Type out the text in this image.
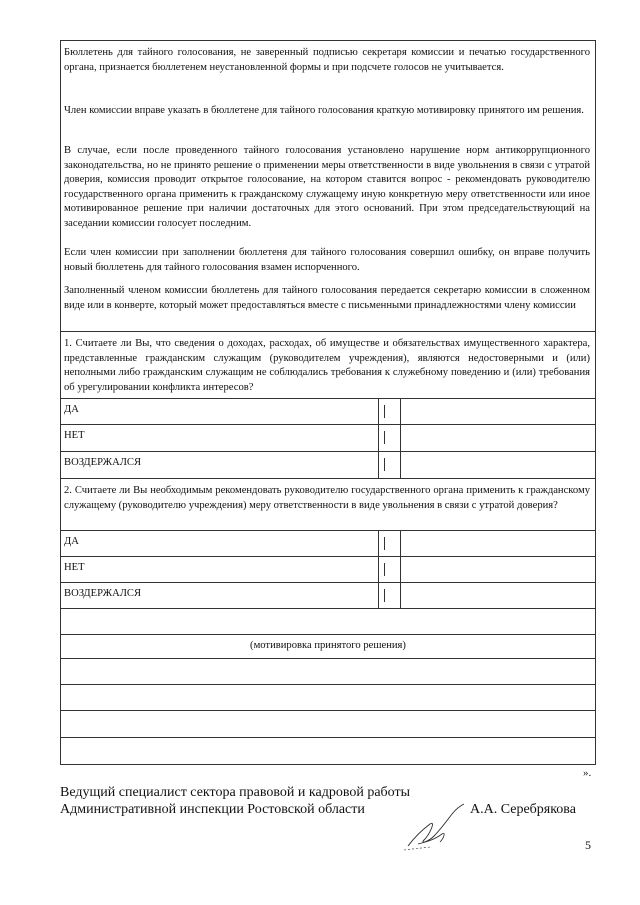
Бюллетень для тайного голосования, не заверенный подписью секретаря комиссии и печатью государственного органа, признается бюллетенем неустановленной формы и при подсчете голосов не учитывается.

Член комиссии вправе указать в бюллетене для тайного голосования краткую мотивировку принятого им решения.

В случае, если после проведенного тайного голосования установлено нарушение норм антикоррупционного законодательства, но не принято решение о применении меры ответственности в виде увольнения в связи с утратой доверия, комиссия проводит открытое голосование, на котором ставится вопрос - рекомендовать руководителю государственного органа применить к гражданскому служащему иную конкретную меру ответственности или иное мотивированное решение при наличии достаточных для этого оснований. При этом председательствующий на заседании комиссии голосует последним.

Если член комиссии при заполнении бюллетеня для тайного голосования совершил ошибку, он вправе получить новый бюллетень для тайного голосования взамен испорченного.

Заполненный членом комиссии бюллетень для тайного голосования передается секретарю комиссии в сложенном виде или в конверте, который может предоставляться вместе с письменными принадлежностями члену комиссии

1. Считаете ли Вы, что сведения о доходах, расходах, об имуществе и обязательствах имущественного характера, представленные гражданским служащим (руководителем учреждения), являются недостоверными и (или) неполными либо гражданским служащим не соблюдались требования к служебному поведению и (или) требования об урегулировании конфликта интересов?

ДА
НЕТ
ВОЗДЕРЖАЛСЯ

2. Считаете ли Вы необходимым рекомендовать руководителю государственного органа применить к гражданскому служащему (руководителю учреждения) меру ответственности в виде увольнения в связи с утратой доверия?

ДА
НЕТ
ВОЗДЕРЖАЛСЯ
(мотивировка принятого решения)
».
Ведущий специалист сектора правовой и кадровой работы
Административной инспекции Ростовской области	А.А. Серебрякова
5
